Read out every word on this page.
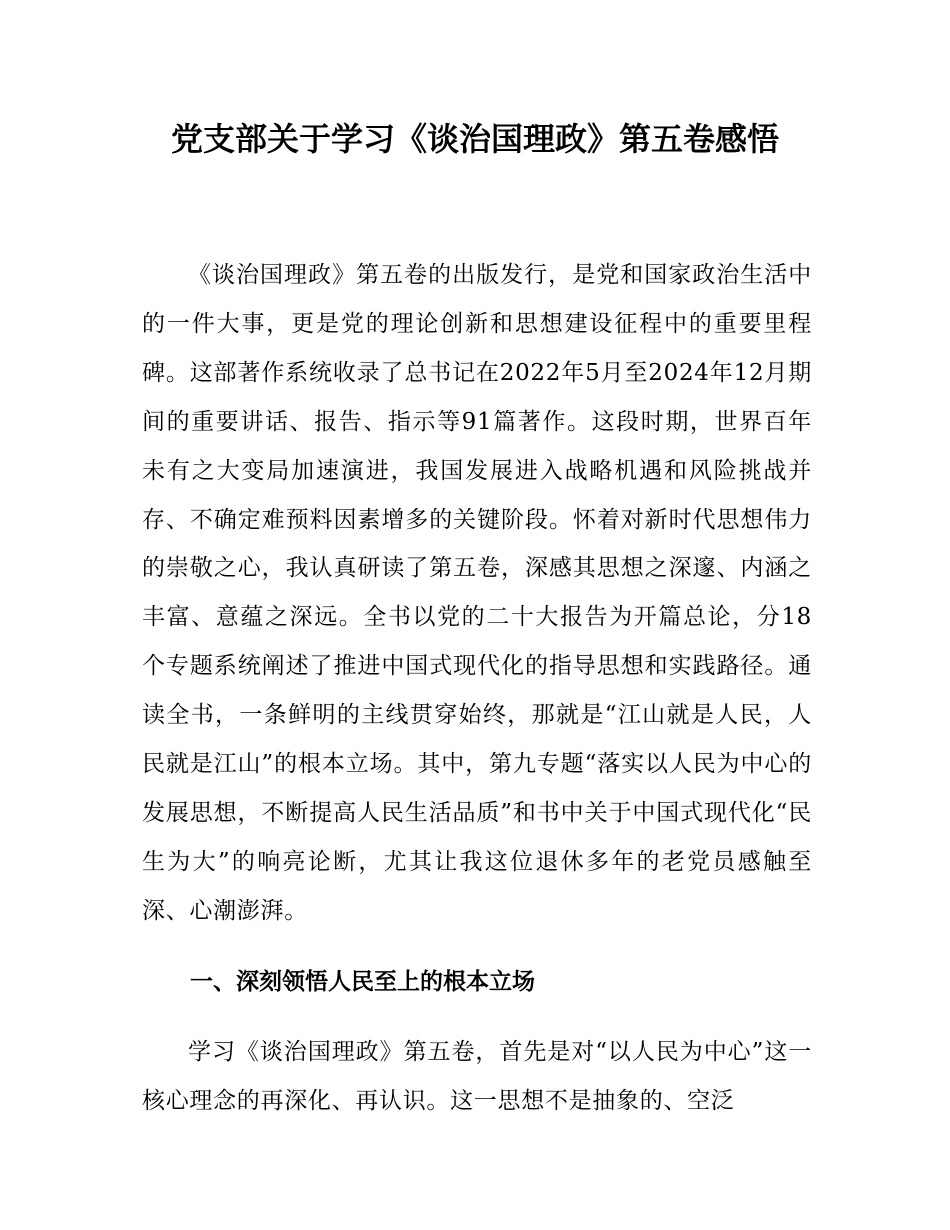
党支部关于学习《谈治国理政》第五卷感悟

《谈治国理政》第五卷的出版发行，是党和国家政治生活中的一件大事，更是党的理论创新和思想建设征程中的重要里程碑。这部著作系统收录了总书记在2022年5月至2024年12月期间的重要讲话、报告、指示等91篇著作。这段时期，世界百年未有之大变局加速演进，我国发展进入战略机遇和风险挑战并存、不确定难预料因素增多的关键阶段。怀着对新时代思想伟力的崇敬之心，我认真研读了第五卷，深感其思想之深邃、内涵之丰富、意蕴之深远。全书以党的二十大报告为开篇总论，分18个专题系统阐述了推进中国式现代化的指导思想和实践路径。通读全书，一条鲜明的主线贯穿始终，那就是“江山就是人民，人民就是江山”的根本立场。其中，第九专题“落实以人民为中心的发展思想，不断提高人民生活品质”和书中关于中国式现代化“民生为大”的响亮论断，尤其让我这位退休多年的老党员感触至深、心潮澎湃。

一、深刻领悟人民至上的根本立场

学习《谈治国理政》第五卷，首先是对“以人民为中心”这一核心理念的再深化、再认识。这一思想不是抽象的、空泛
